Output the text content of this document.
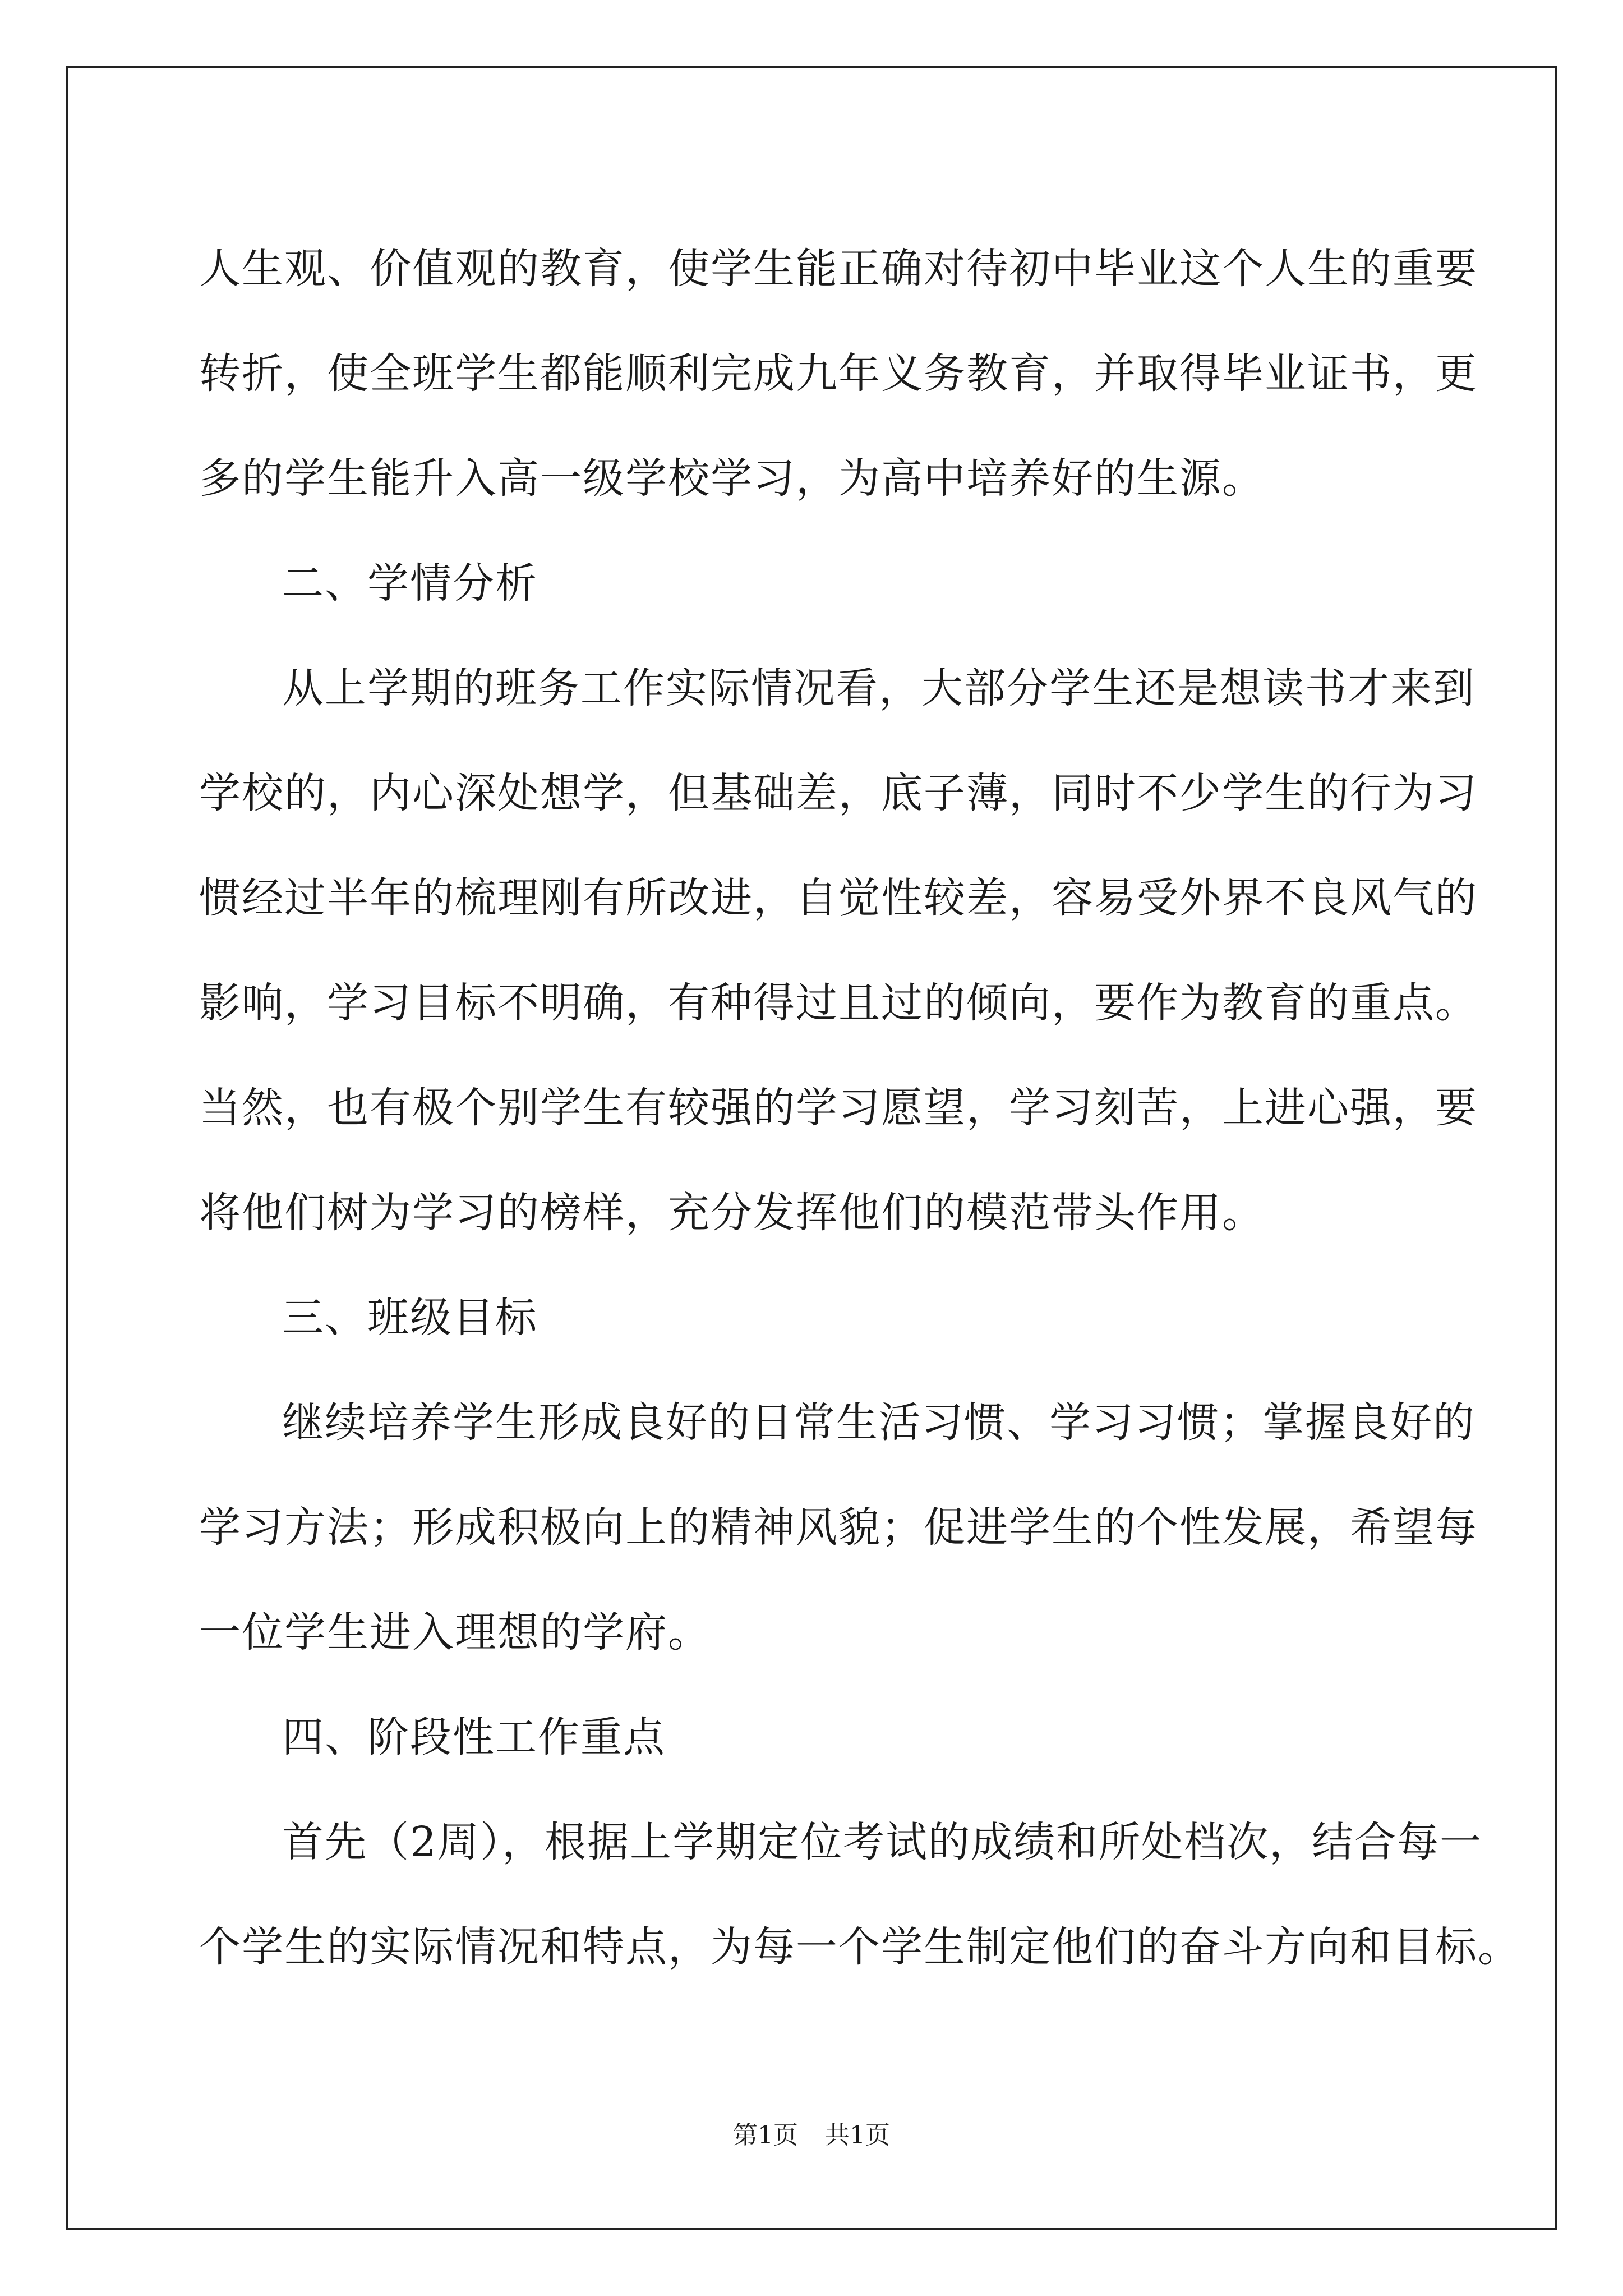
人生观、价值观的教育，使学生能正确对待初中毕业这个人生的重要
转折，使全班学生都能顺利完成九年义务教育，并取得毕业证书，更
多的学生能升入高一级学校学习，为高中培养好的生源。
二、学情分析
从上学期的班务工作实际情况看，大部分学生还是想读书才来到
学校的，内心深处想学，但基础差，底子薄，同时不少学生的行为习
惯经过半年的梳理刚有所改进，自觉性较差，容易受外界不良风气的
影响，学习目标不明确，有种得过且过的倾向，要作为教育的重点。
当然，也有极个别学生有较强的学习愿望，学习刻苦，上进心强，要
将他们树为学习的榜样，充分发挥他们的模范带头作用。
三、班级目标
继续培养学生形成良好的日常生活习惯、学习习惯；掌握良好的
学习方法；形成积极向上的精神风貌；促进学生的个性发展，希望每
一位学生进入理想的学府。
四、阶段性工作重点
首先（2周），根据上学期定位考试的成绩和所处档次，结合每一
个学生的实际情况和特点，为每一个学生制定他们的奋斗方向和目标。
第1页 共1页
